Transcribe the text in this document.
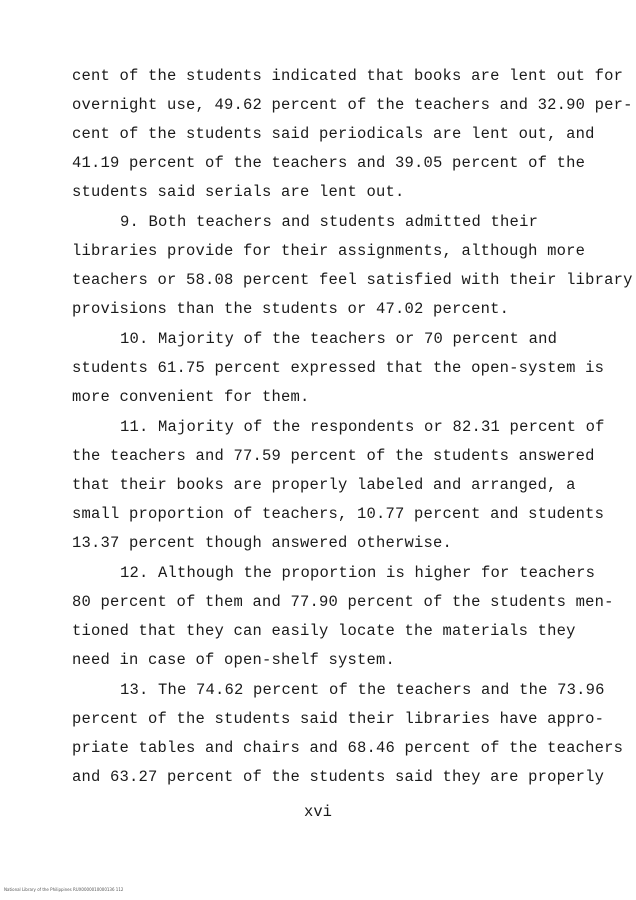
cent of the students indicated that books are lent out for
overnight use, 49.62 percent of the teachers and 32.90 per-
cent of the students said periodicals are lent out, and
41.19 percent of the teachers and 39.05 percent of the
students said serials are lent out.
9. Both teachers and students admitted their
libraries provide for their assignments, although more
teachers or 58.08 percent feel satisfied with their library
provisions than the students or 47.02 percent.
10. Majority of the teachers or 70 percent and
students 61.75 percent expressed that the open-system is
more convenient for them.
11. Majority of the respondents or 82.31 percent of
the teachers and 77.59 percent of the students answered
that their books are properly labeled and arranged, a
small proportion of teachers, 10.77 percent and students
13.37 percent though answered otherwise.
12. Although the proportion is higher for teachers
80 percent of them and 77.90 percent of the students men-
tioned that they can easily locate the materials they
need in case of open-shelf system.
13. The 74.62 percent of the teachers and the 73.96
percent of the students said their libraries have appro-
priate tables and chairs and 68.46 percent of the teachers
and 63.27 percent of the students said they are properly
xvi
National Library of the Philippines RUX0000010000136 112
